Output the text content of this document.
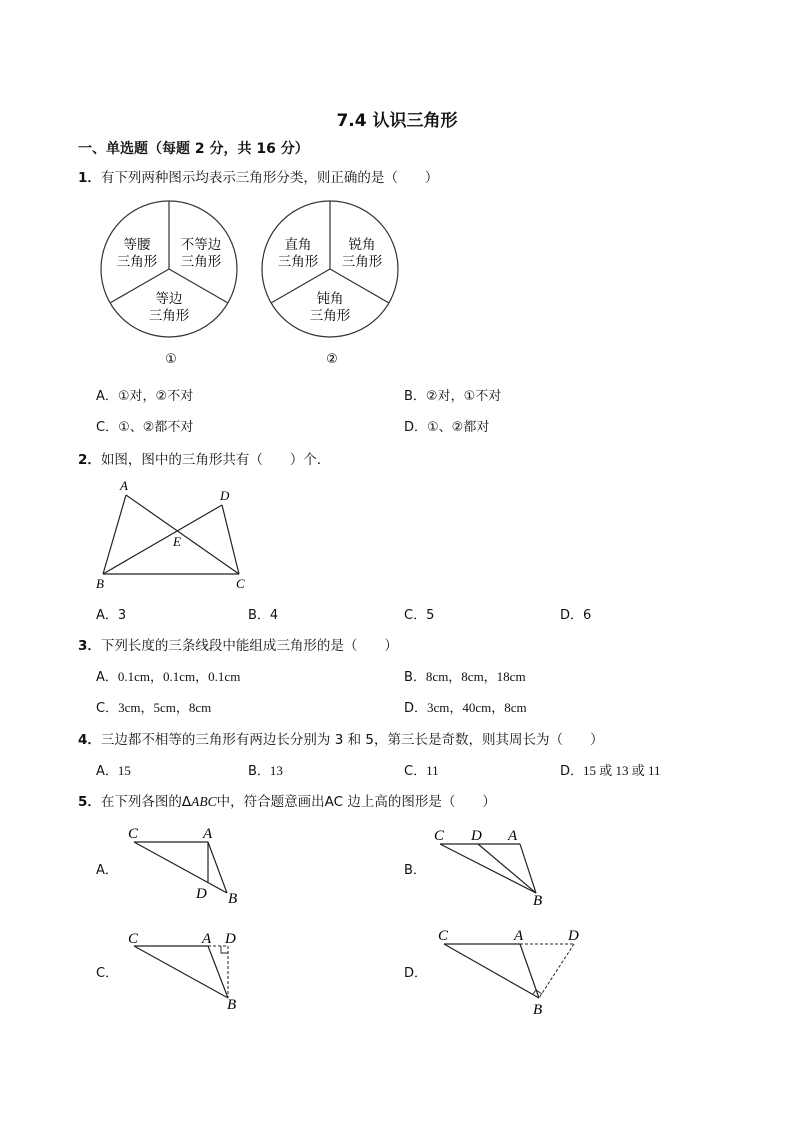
7.4 认识三角形
一、单选题（每题 2 分，共 16 分）
1．有下列两种图示均表示三角形分类，则正确的是（　　）
等腰
三角形
不等边
三角形
等边
三角形
①
直角
三角形
锐角
三角形
钝角
三角形
②
A．①对，②不对	B．②对，①不对
C．①、②都不对	D．①、②都对
2．如图，图中的三角形共有（　　）个．
A
D
E
B	C
A．3	B．4	C．5	D．6
3．下列长度的三条线段中能组成三角形的是（　　）
A．0.1cm，0.1cm，0.1cm	B．8cm，8cm，18cm
C．3cm，5cm，8cm	D．3cm，40cm，8cm
4．三边都不相等的三角形有两边长分别为 3 和 5，第三长是奇数，则其周长为（　　）
A．15	B．13	C．11	D．15 或 13 或 11
5．在下列各图的ΔABC中，符合题意画出AC 边上高的图形是（　　）
A．
C	A
D B
B．
C D A
B
C．
C	A D
B
D．
C	A	D
B
